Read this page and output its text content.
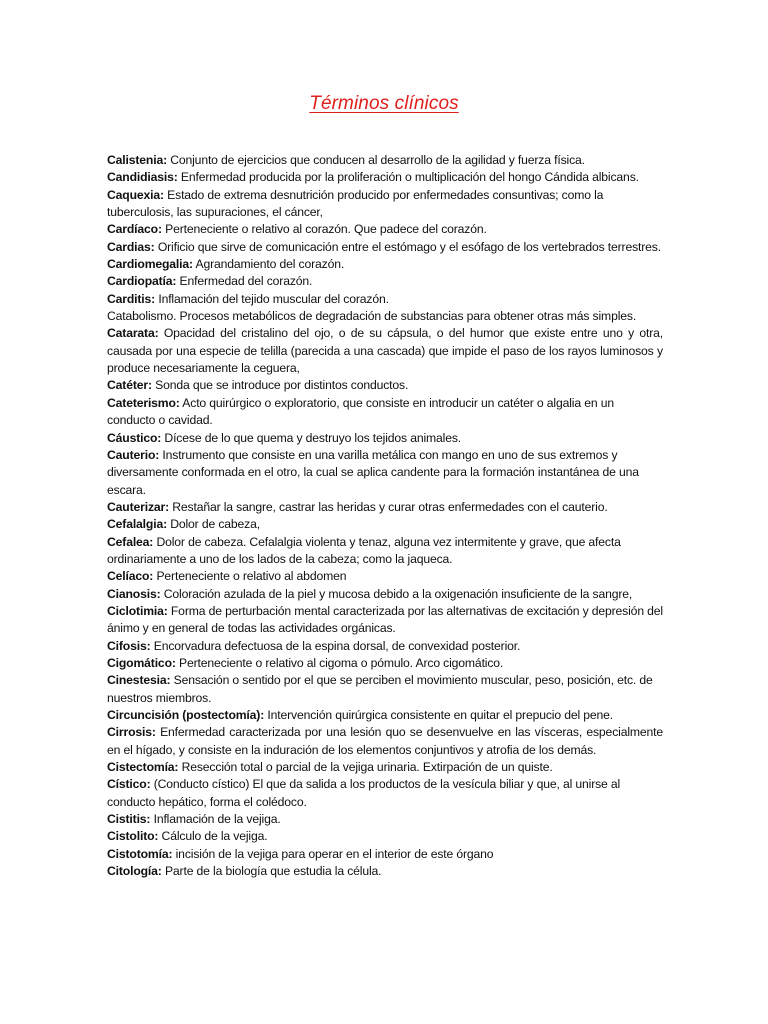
Términos clínicos

Calistenia: Conjunto de ejercicios que conducen al desarrollo de la agilidad y fuerza física.

Candidiasis: Enfermedad producida por la proliferación o multiplicación del hongo Cándida albicans.

Caquexia: Estado de extrema desnutrición producido por enfermedades consuntivas; como la tuberculosis, las supuraciones, el cáncer,

Cardíaco: Perteneciente o relativo al corazón. Que padece del corazón.

Cardias: Orificio que sirve de comunicación entre el estómago y el esófago de los vertebrados terrestres.

Cardiomegalia: Agrandamiento del corazón.

Cardiopatía: Enfermedad del corazón.

Carditis: Inflamación del tejido muscular del corazón.

Catabolismo. Procesos metabólicos de degradación de substancias para obtener otras más simples.

Catarata: Opacidad del cristalino del ojo, o de su cápsula, o del humor que existe entre uno y otra, causada por una especie de telilla (parecida a una cascada) que impide el paso de los rayos luminosos y produce necesariamente la ceguera,

Catéter: Sonda que se introduce por distintos conductos.

Cateterismo: Acto quirúrgico o exploratorio, que consiste en introducir un catéter o algalia en un conducto o cavidad.

Cáustico: Dícese de lo que quema y destruyo los tejidos animales.

Cauterio: Instrumento que consiste en una varilla metálica con mango en uno de sus extremos y diversamente conformada en el otro, la cual se aplica candente para la formación instantánea de una escara.

Cauterizar: Restañar la sangre, castrar las heridas y curar otras enfermedades con el cauterio.

Cefalalgia: Dolor de cabeza,

Cefalea: Dolor de cabeza. Cefalalgia violenta y tenaz, alguna vez intermitente y grave, que afecta ordinariamente a uno de los lados de la cabeza; como la jaqueca.

Celíaco: Perteneciente o relativo al abdomen

Cianosis: Coloración azulada de la piel y mucosa debido a la oxigenación insuficiente de la sangre,

Ciclotimia: Forma de perturbación mental caracterizada por las alternativas de excitación y depresión del ánimo y en general de todas las actividades orgánicas.

Cifosis: Encorvadura defectuosa de la espina dorsal, de convexidad posterior.

Cigomático: Perteneciente o relativo al cigoma o pómulo. Arco cigomático.

Cinestesia: Sensación o sentido por el que se perciben el movimiento muscular, peso, posición, etc. de nuestros miembros.

Circuncisión (postectomía): Intervención quirúrgica consistente en quitar el prepucio del pene.

Cirrosis: Enfermedad caracterizada por una lesión quo se desenvuelve en las vísceras, especialmente en el hígado, y consiste en la induración de los elementos conjuntivos y atrofia de los demás.

Cistectomía: Resección total o parcial de la vejiga urinaria. Extirpación de un quiste.

Cístico: (Conducto cístico) El que da salida a los productos de la vesícula biliar y que, al unirse al conducto hepático, forma el colédoco.

Cistitis: Inflamación de la vejiga.

Cistolito: Cálculo de la vejiga.

Cistotomía: incisión de la vejiga para operar en el interior de este órgano

Citología: Parte de la biología que estudia la célula.
